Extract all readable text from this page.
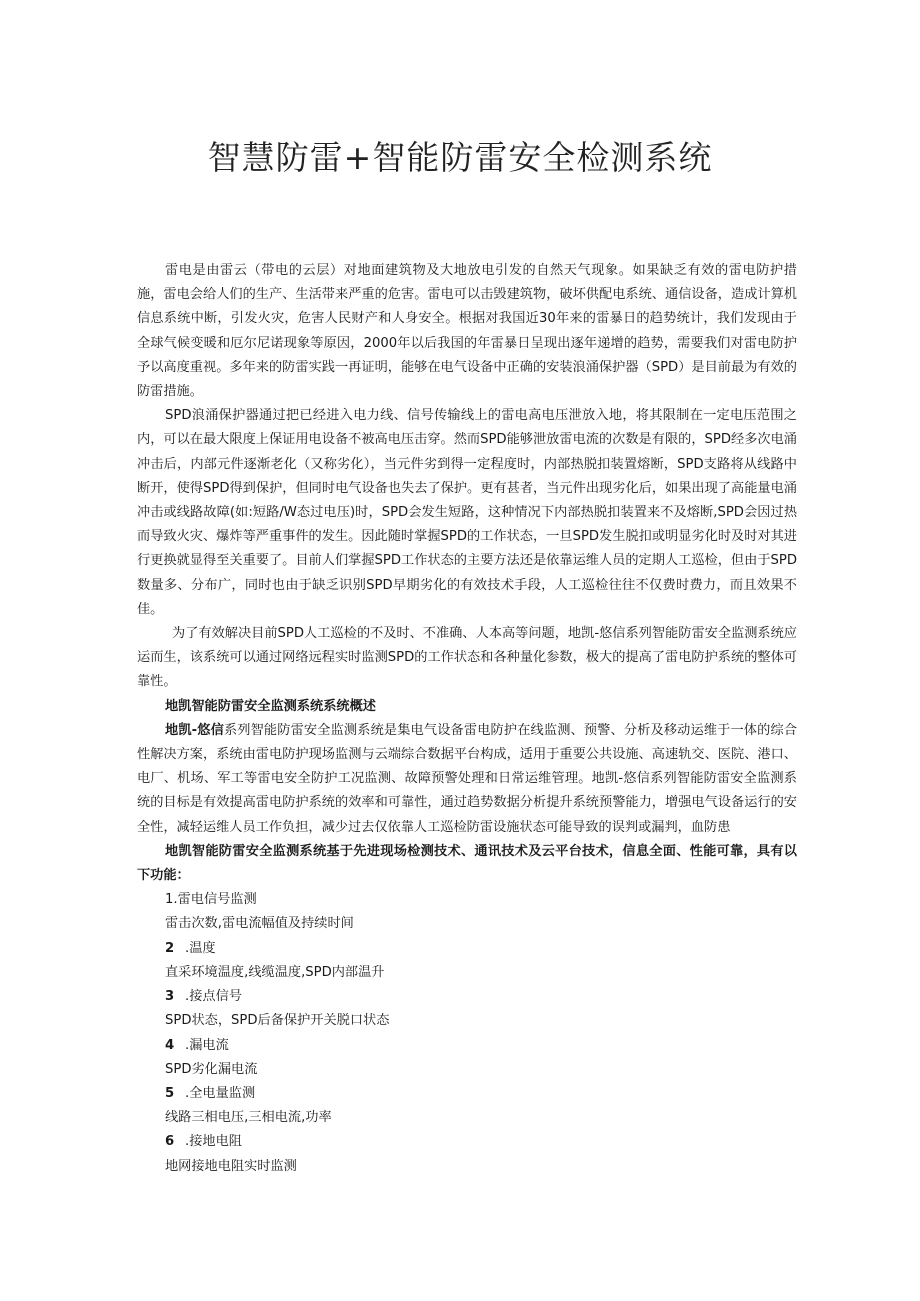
智慧防雷+智能防雷安全检测系统

雷电是由雷云（带电的云层）对地面建筑物及大地放电引发的自然天气现象。如果缺乏有效的雷电防护措施，雷电会给人们的生产、生活带来严重的危害。雷电可以击毁建筑物，破坏供配电系统、通信设备，造成计算机信息系统中断，引发火灾，危害人民财产和人身安全。根据对我国近30年来的雷暴日的趋势统计，我们发现由于全球气候变暖和厄尔尼诺现象等原因，2000年以后我国的年雷暴日呈现出逐年递增的趋势，需要我们对雷电防护予以高度重视。多年来的防雷实践一再证明，能够在电气设备中正确的安装浪涌保护器（SPD）是目前最为有效的防雷措施。

SPD浪涌保护器通过把已经进入电力线、信号传输线上的雷电高电压泄放入地，将其限制在一定电压范围之内，可以在最大限度上保证用电设备不被高电压击穿。然而SPD能够泄放雷电流的次数是有限的，SPD经多次电涌冲击后，内部元件逐渐老化（又称劣化），当元件劣到得一定程度时，内部热脱扣装置熔断，SPD支路将从线路中断开，使得SPD得到保护，但同时电气设备也失去了保护。更有甚者，当元件出现劣化后，如果出现了高能量电涌冲击或线路故障(如:短路/W态过电压)时，SPD会发生短路，这种情况下内部热脱扣装置来不及熔断,SPD会因过热而导致火灾、爆炸等严重事件的发生。因此随时掌握SPD的工作状态，一旦SPD发生脱扣或明显劣化时及时对其进行更换就显得至关重要了。目前人们掌握SPD工作状态的主要方法还是依靠运维人员的定期人工巡检，但由于SPD数量多、分布广，同时也由于缺乏识别SPD早期劣化的有效技术手段，人工巡检往往不仅费时费力，而且效果不佳。

为了有效解决目前SPD人工巡检的不及时、不准确、人本高等问题，地凯-悠信系列智能防雷安全监测系统应运而生，该系统可以通过网络远程实时监测SPD的工作状态和各种量化参数，极大的提高了雷电防护系统的整体可靠性。

地凯智能防雷安全监测系统系统概述

地凯-悠信系列智能防雷安全监测系统是集电气设备雷电防护在线监测、预警、分析及移动运维于一体的综合性解决方案，系统由雷电防护现场监测与云端综合数据平台构成，适用于重要公共设施、高速轨交、医院、港口、电厂、机场、军工等雷电安全防护工况监测、故障预警处理和日常运维管理。地凯-悠信系列智能防雷安全监测系统的目标是有效提高雷电防护系统的效率和可靠性，通过趋势数据分析提升系统预警能力，增强电气设备运行的安全性，减轻运维人员工作负担，减少过去仅依靠人工巡检防雷设施状态可能导致的误判或漏判，血防患

地凯智能防雷安全监测系统基于先进现场检测技术、通讯技术及云平台技术，信息全面、性能可靠，具有以下功能：

1.雷电信号监测

雷击次数,雷电流幅值及持续时间

2 .温度

直采环境温度,线缆温度,SPD内部温升

3 .接点信号

SPD状态，SPD后备保护开关脱口状态

4 .漏电流

SPD劣化漏电流

5 .全电量监测

线路三相电压,三相电流,功率

6 .接地电阻

地网接地电阻实时监测
